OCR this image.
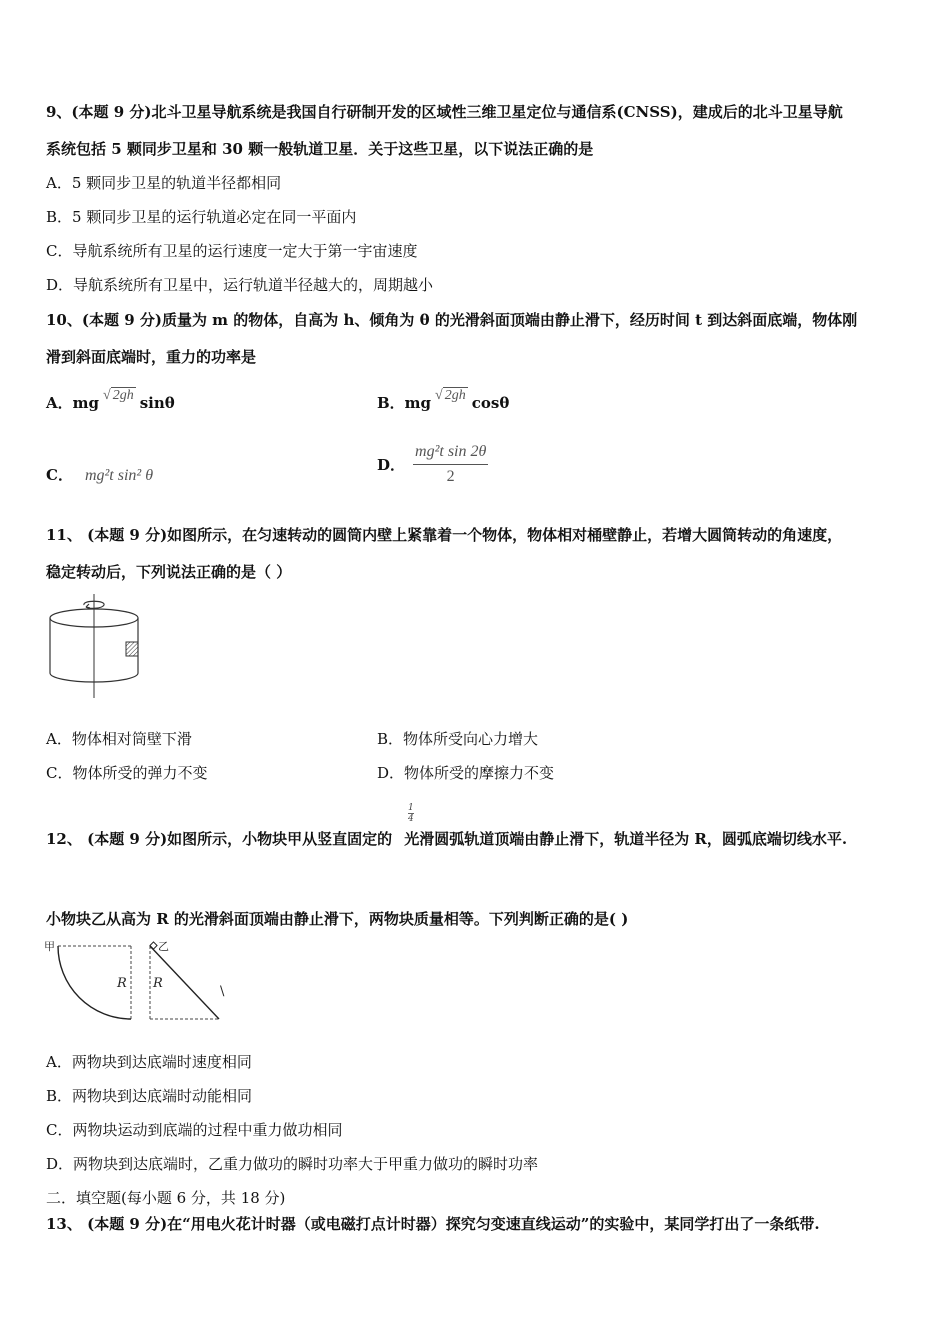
9、(本题 9 分)北斗卫星导航系统是我国自行研制开发的区域性三维卫星定位与通信系(CNSS)，建成后的北斗卫星导航
系统包括 5 颗同步卫星和 30 颗一般轨道卫星．关于这些卫星，以下说法正确的是
A．5 颗同步卫星的轨道半径都相同
B．5 颗同步卫星的运行轨道必定在同一平面内
C．导航系统所有卫星的运行速度一定大于第一宇宙速度
D．导航系统所有卫星中，运行轨道半径越大的，周期越小
10、(本题 9 分)质量为 m 的物体，自高为 h、倾角为 θ 的光滑斜面顶端由静止滑下，经历时间 t 到达斜面底端，物体刚
滑到斜面底端时，重力的功率是
A．mg √ 2gh sinθ	B．mg √ 2gh cosθ
C． mg²t sin² θ
D． $\frac{\text{mg²t sin 2θ}}{2}$
11、 (本题 9 分)如图所示，在匀速转动的圆筒内壁上紧靠着一个物体，物体相对桶壁静止，若增大圆筒转动的角速度，
稳定转动后，下列说法正确的是（ ）
A．物体相对筒壁下滑	B．物体所受向心力增大
C．物体所受的弹力不变	D．物体所受的摩擦力不变
$\frac{1}{4}$
12、 (本题 9 分)如图所示，小物块甲从竖直固定的 光滑圆弧轨道顶端由静止滑下，轨道半径为 R，圆弧底端切线水平.
小物块乙从高为 R 的光滑斜面顶端由静止滑下，两物块质量相等。下列判断正确的是( )
甲	乙
R R
\
A．两物块到达底端时速度相同
B．两物块到达底端时动能相同
C．两物块运动到底端的过程中重力做功相同
D．两物块到达底端时，乙重力做功的瞬时功率大于甲重力做功的瞬时功率
二．填空题(每小题 6 分，共 18 分)
13、 (本题 9 分)在“用电火花计时器（或电磁打点计时器）探究匀变速直线运动”的实验中，某同学打出了一条纸带.
